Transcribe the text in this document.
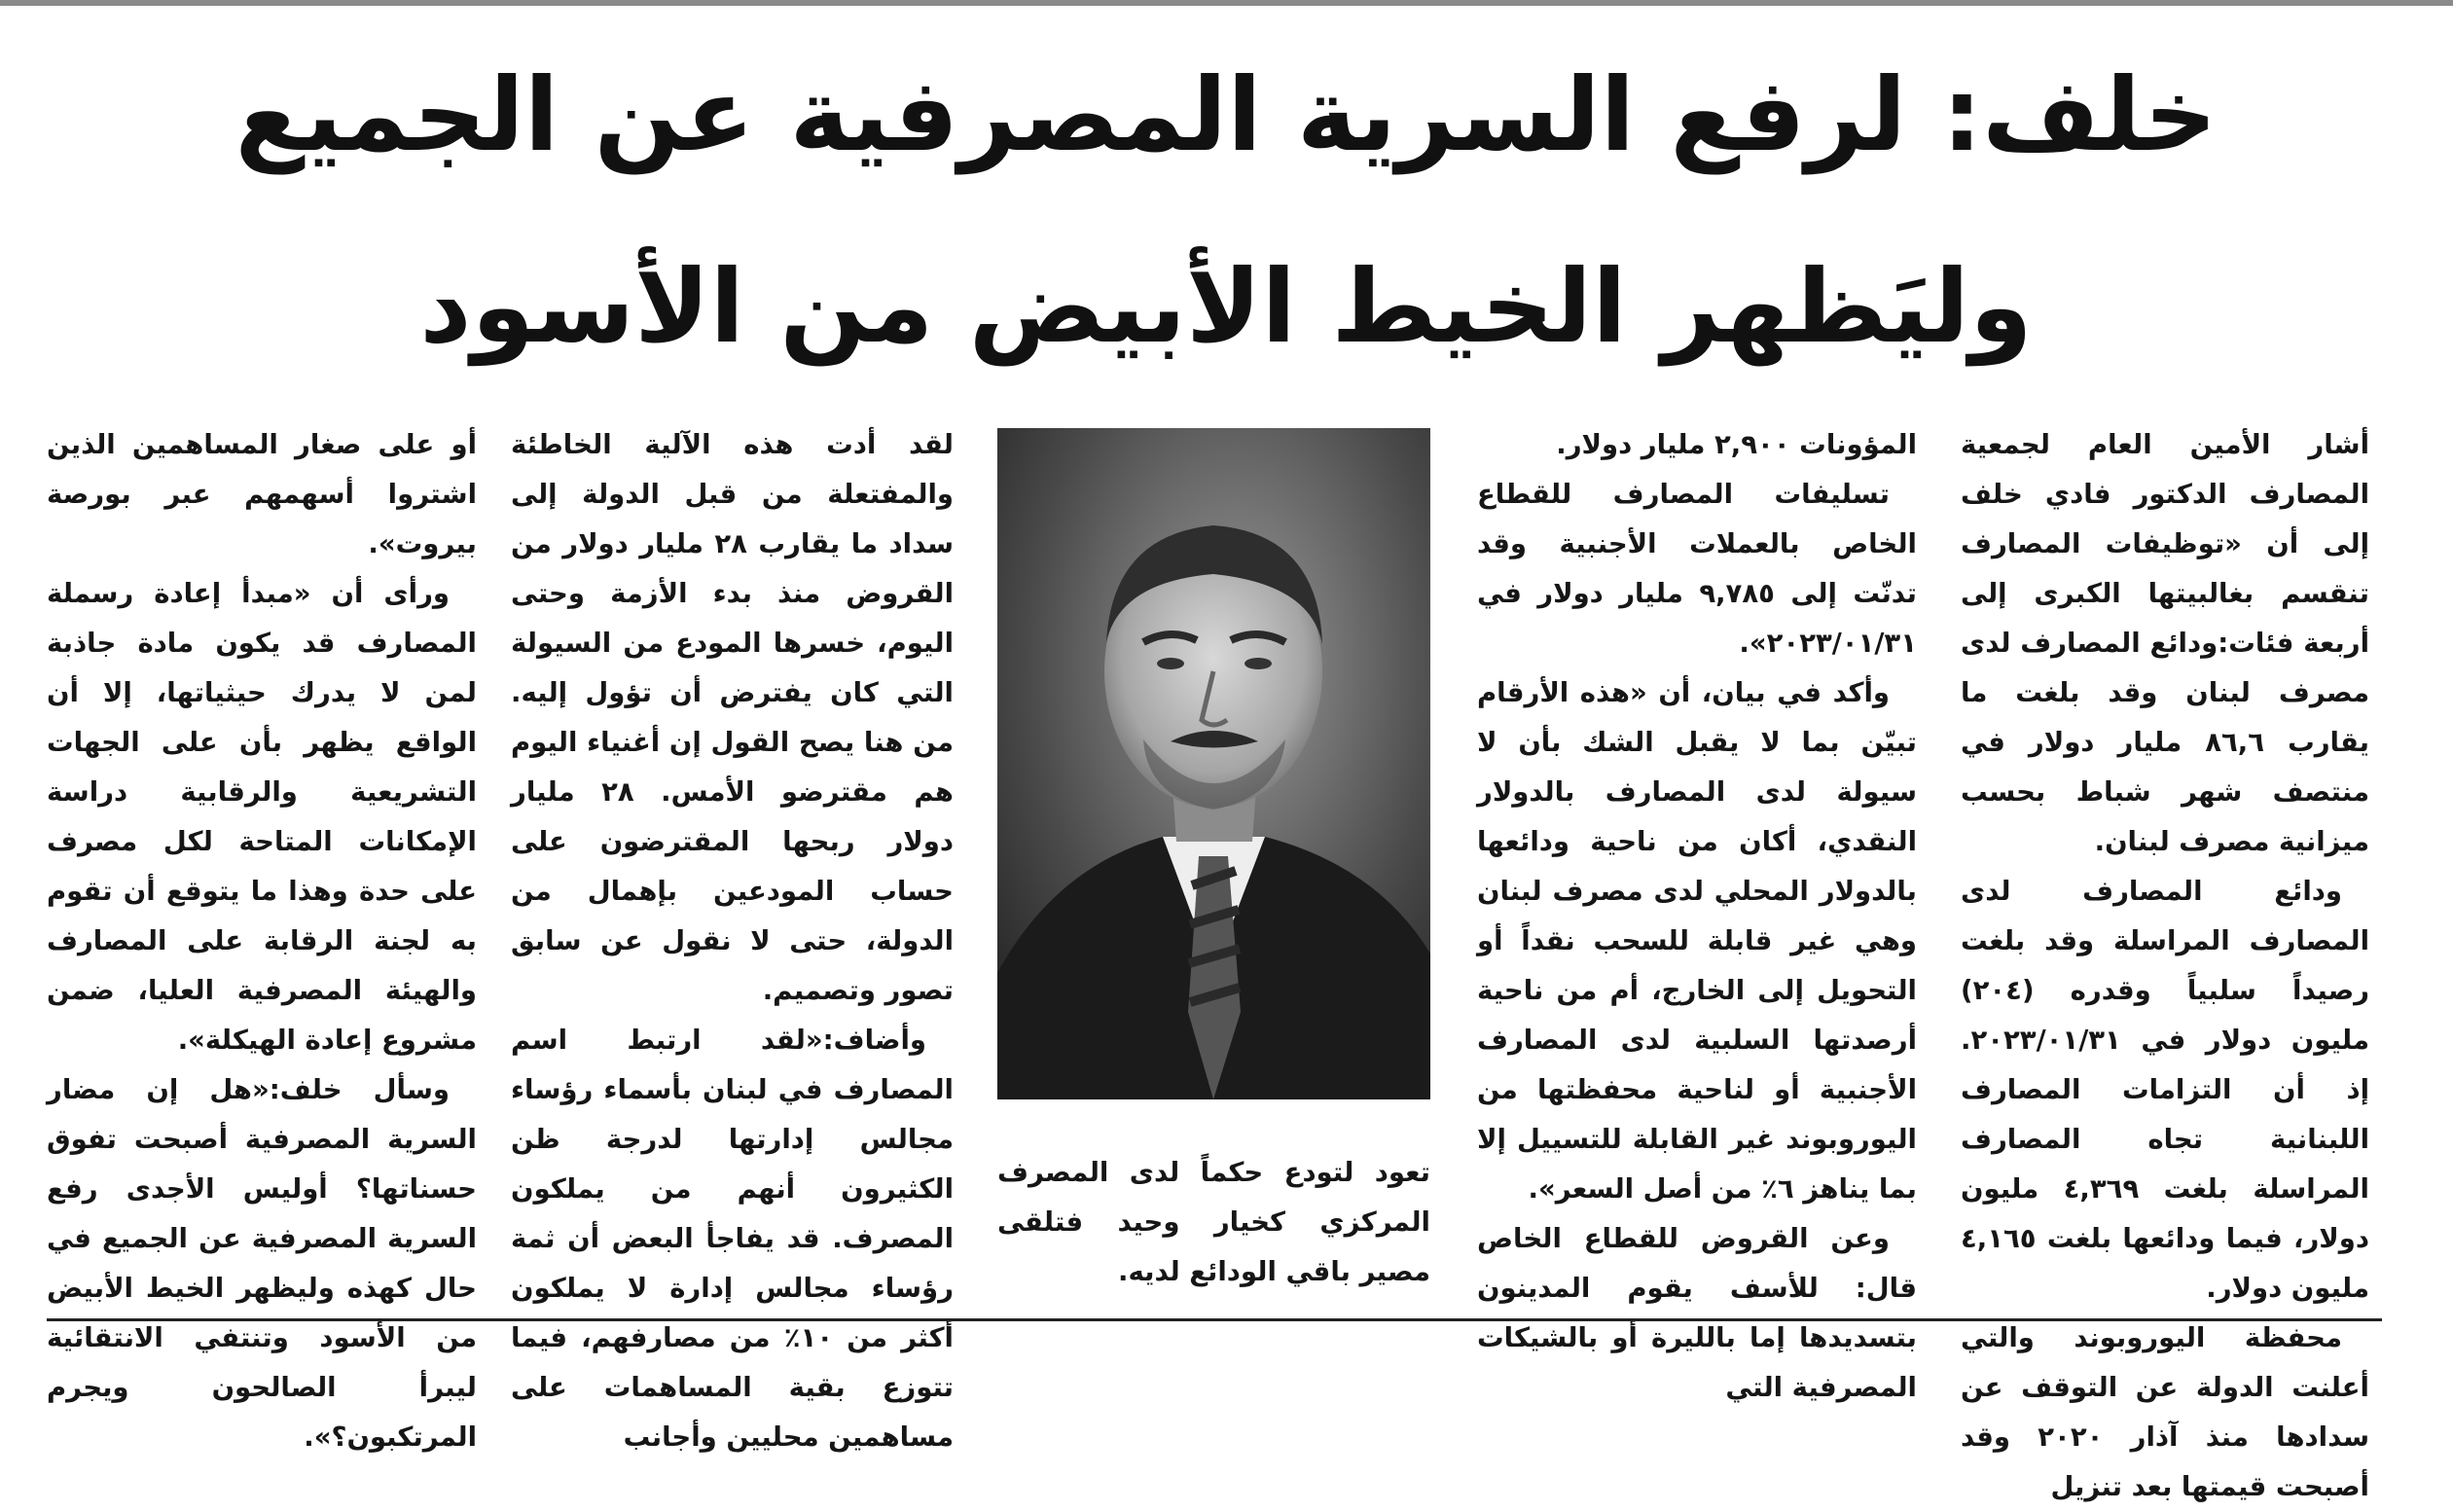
خلف: لرفع السرية المصرفية عن الجميع
وليَظهر الخيط الأبيض من الأسود

أشار الأمين العام لجمعية المصارف الدكتور فادي خلف إلى أن «توظيفات المصارف تنقسم بغالبيتها الكبرى إلى أربعة فئات:ودائع المصارف لدى مصرف لبنان وقد بلغت ما يقارب ٨٦,٦ مليار دولار في منتصف شهر شباط بحسب ميزانية مصرف لبنان.

ودائع المصارف لدى المصارف المراسلة وقد بلغت رصيداً سلبياً وقدره (٢٠٤) مليون دولار في ٢٠٢٣/٠١/٣١. إذ أن التزامات المصارف اللبنانية تجاه المصارف المراسلة بلغت ٤,٣٦٩ مليون دولار، فيما ودائعها بلغت ٤,١٦٥ مليون دولار.

محفظة اليوروبوند والتي أعلنت الدولة عن التوقف عن سدادها منذ آذار ٢٠٢٠ وقد أصبحت قيمتها بعد تنزيل

المؤونات ٢,٩٠٠ مليار دولار.

تسليفات المصارف للقطاع الخاص بالعملات الأجنبية وقد تدنّت إلى ٩,٧٨٥ مليار دولار في ٢٠٢٣/٠١/٣١».

وأكد في بيان، أن «هذه الأرقام تبيّن بما لا يقبل الشك بأن لا سيولة لدى المصارف بالدولار النقدي، أكان من ناحية ودائعها بالدولار المحلي لدى مصرف لبنان وهي غير قابلة للسحب نقداً أو التحويل إلى الخارج، أم من ناحية أرصدتها السلبية لدى المصارف الأجنبية أو لناحية محفظتها من اليوروبوند غير القابلة للتسييل إلا بما يناهز ٦٪ من أصل السعر».

وعن القروض للقطاع الخاص قال: للأسف يقوم المدينون بتسديدها إما بالليرة أو بالشيكات المصرفية التي

تعود لتودع حكماً لدى المصرف المركزي كخيار وحيد فتلقى مصير باقي الودائع لديه.

لقد أدت هذه الآلية الخاطئة والمفتعلة من قبل الدولة إلى سداد ما يقارب ٢٨ مليار دولار من القروض منذ بدء الأزمة وحتى اليوم، خسرها المودع من السيولة التي كان يفترض أن تؤول إليه. من هنا يصح القول إن أغنياء اليوم هم مقترضو الأمس. ٢٨ مليار دولار ربحها المقترضون على حساب المودعين بإهمال من الدولة، حتى لا نقول عن سابق تصور وتصميم.

وأضاف:«لقد ارتبط اسم المصارف في لبنان بأسماء رؤساء مجالس إدارتها لدرجة ظن الكثيرون أنهم من يملكون المصرف. قد يفاجأ البعض أن ثمة رؤساء مجالس إدارة لا يملكون أكثر من ١٠٪ من مصارفهم، فيما تتوزع بقية المساهمات على مساهمين محليين وأجانب

أو على صغار المساهمين الذين اشتروا أسهمهم عبر بورصة بيروت».

ورأى أن «مبدأ إعادة رسملة المصارف قد يكون مادة جاذبة لمن لا يدرك حيثياتها، إلا أن الواقع يظهر بأن على الجهات التشريعية والرقابية دراسة الإمكانات المتاحة لكل مصرف على حدة وهذا ما يتوقع أن تقوم به لجنة الرقابة على المصارف والهيئة المصرفية العليا، ضمن مشروع إعادة الهيكلة».

وسأل خلف:«هل إن مضار السرية المصرفية أصبحت تفوق حسناتها؟ أوليس الأجدى رفع السرية المصرفية عن الجميع في حال كهذه وليظهر الخيط الأبيض من الأسود وتنتفي الانتقائية ليبرأ الصالحون ويجرم المرتكبون؟».
